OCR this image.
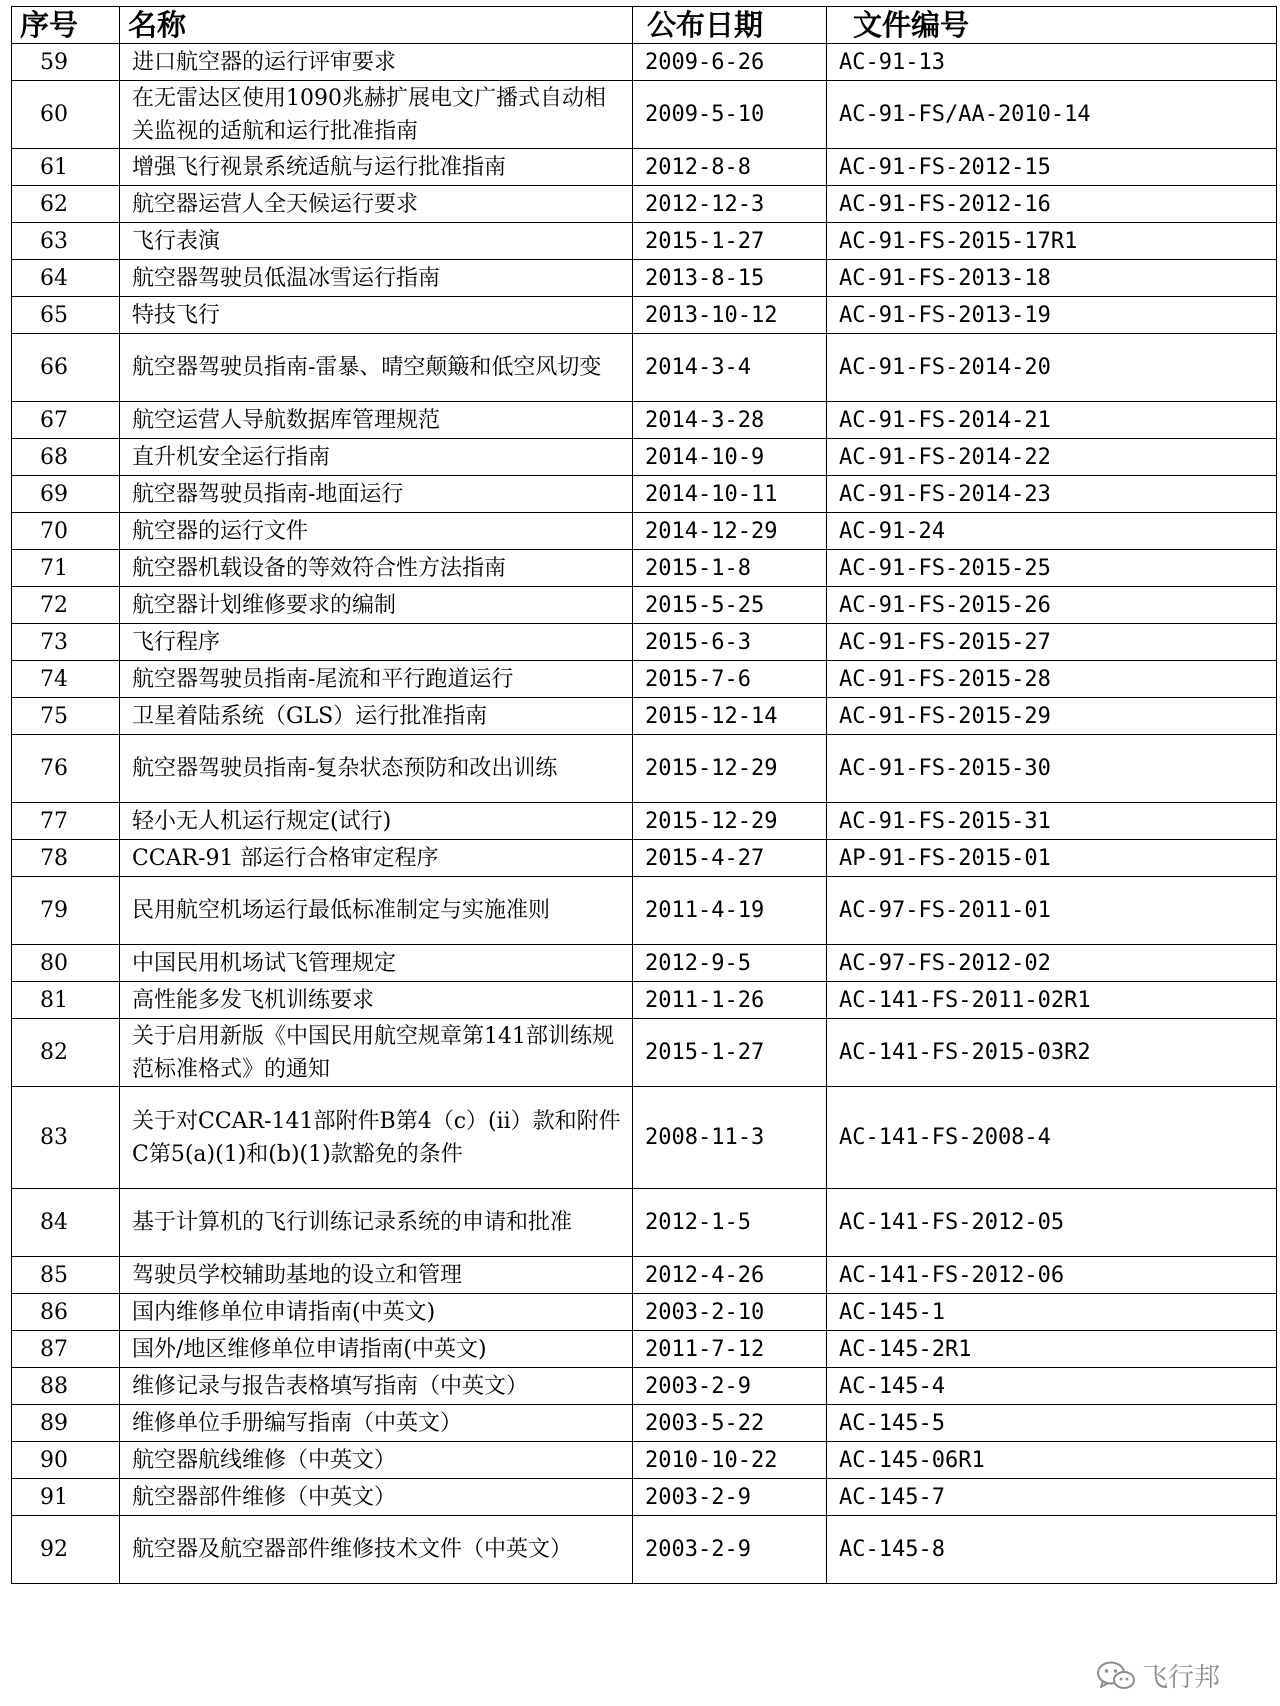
序号	名称	公布日期	文件编号
59	进口航空器的运行评审要求	2009-6-26	AC-91-13
60	在无雷达区使用1090兆赫扩展电文广播式自动相关监视的适航和运行批准指南	2009-5-10	AC-91-FS/AA-2010-14
61	增强飞行视景系统适航与运行批准指南	2012-8-8	AC-91-FS-2012-15
62	航空器运营人全天候运行要求	2012-12-3	AC-91-FS-2012-16
63	飞行表演	2015-1-27	AC-91-FS-2015-17R1
64	航空器驾驶员低温冰雪运行指南	2013-8-15	AC-91-FS-2013-18
65	特技飞行	2013-10-12	AC-91-FS-2013-19
66	航空器驾驶员指南-雷暴、晴空颠簸和低空风切变	2014-3-4	AC-91-FS-2014-20
67	航空运营人导航数据库管理规范	2014-3-28	AC-91-FS-2014-21
68	直升机安全运行指南	2014-10-9	AC-91-FS-2014-22
69	航空器驾驶员指南-地面运行	2014-10-11	AC-91-FS-2014-23
70	航空器的运行文件	2014-12-29	AC-91-24
71	航空器机载设备的等效符合性方法指南	2015-1-8	AC-91-FS-2015-25
72	航空器计划维修要求的编制	2015-5-25	AC-91-FS-2015-26
73	飞行程序	2015-6-3	AC-91-FS-2015-27
74	航空器驾驶员指南-尾流和平行跑道运行	2015-7-6	AC-91-FS-2015-28
75	卫星着陆系统（GLS）运行批准指南	2015-12-14	AC-91-FS-2015-29
76	航空器驾驶员指南-复杂状态预防和改出训练	2015-12-29	AC-91-FS-2015-30
77	轻小无人机运行规定(试行)	2015-12-29	AC-91-FS-2015-31
78	CCAR-91 部运行合格审定程序	2015-4-27	AP-91-FS-2015-01
79	民用航空机场运行最低标准制定与实施准则	2011-4-19	AC-97-FS-2011-01
80	中国民用机场试飞管理规定	2012-9-5	AC-97-FS-2012-02
81	高性能多发飞机训练要求	2011-1-26	AC-141-FS-2011-02R1
82	关于启用新版《中国民用航空规章第141部训练规范标准格式》的通知	2015-1-27	AC-141-FS-2015-03R2
83	关于对CCAR-141部附件B第4（c）(ii）款和附件C第5(a)(1)和(b)(1)款豁免的条件	2008-11-3	AC-141-FS-2008-4
84	基于计算机的飞行训练记录系统的申请和批准	2012-1-5	AC-141-FS-2012-05
85	驾驶员学校辅助基地的设立和管理	2012-4-26	AC-141-FS-2012-06
86	国内维修单位申请指南(中英文)	2003-2-10	AC-145-1
87	国外/地区维修单位申请指南(中英文)	2011-7-12	AC-145-2R1
88	维修记录与报告表格填写指南（中英文）	2003-2-9	AC-145-4
89	维修单位手册编写指南（中英文）	2003-5-22	AC-145-5
90	航空器航线维修（中英文）	2010-10-22	AC-145-06R1
91	航空器部件维修（中英文）	2003-2-9	AC-145-7
92	航空器及航空器部件维修技术文件（中英文）	2003-2-9	AC-145-8
飞行邦
